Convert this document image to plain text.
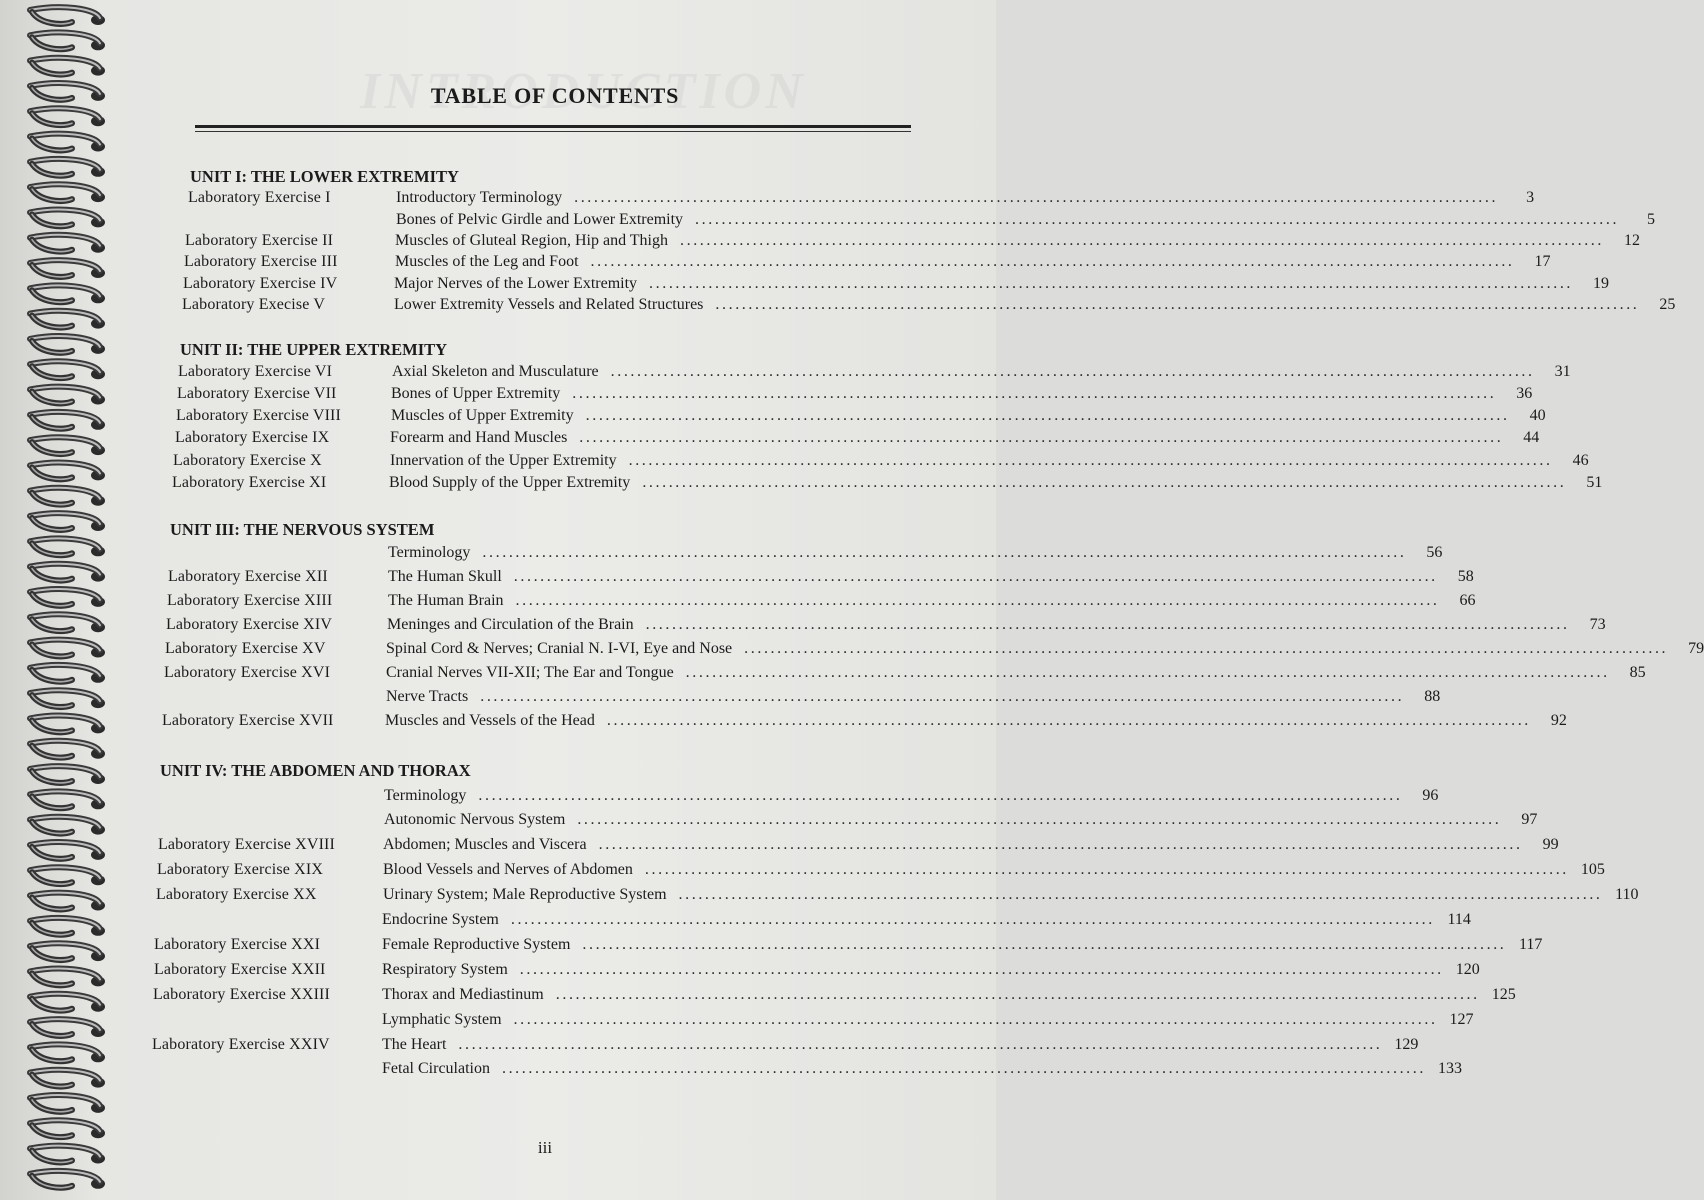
TABLE OF CONTENTS
UNIT I: THE LOWER EXTREMITY
Laboratory Exercise I	Introductory Terminology ............................................................................................................................................	3
Bones of Pelvic Girdle and Lower Extremity ............................................................................................................................................	5
Laboratory Exercise II	Muscles of Gluteal Region, Hip and Thigh ............................................................................................................................................	12
Laboratory Exercise III	Muscles of the Leg and Foot ............................................................................................................................................	17
Laboratory Exercise IV	Major Nerves of the Lower Extremity ............................................................................................................................................	19
Laboratory Execise V	Lower Extremity Vessels and Related Structures ............................................................................................................................................	25
UNIT II: THE UPPER EXTREMITY
Laboratory Exercise VI	Axial Skeleton and Musculature ............................................................................................................................................	31
Laboratory Exercise VII	Bones of Upper Extremity ............................................................................................................................................	36
Laboratory Exercise VIII	Muscles of Upper Extremity ............................................................................................................................................	40
Laboratory Exercise IX	Forearm and Hand Muscles ............................................................................................................................................	44
Laboratory Exercise X	Innervation of the Upper Extremity ............................................................................................................................................	46
Laboratory Exercise XI	Blood Supply of the Upper Extremity ............................................................................................................................................	51
UNIT III: THE NERVOUS SYSTEM
Terminology ............................................................................................................................................	56
Laboratory Exercise XII	The Human Skull ............................................................................................................................................	58
Laboratory Exercise XIII	The Human Brain ............................................................................................................................................	66
Laboratory Exercise XIV	Meninges and Circulation of the Brain ............................................................................................................................................	73
Laboratory Exercise XV	Spinal Cord & Nerves; Cranial N. I-VI, Eye and Nose ............................................................................................................................................	79
Laboratory Exercise XVI	Cranial Nerves VII-XII; The Ear and Tongue ............................................................................................................................................	85
Nerve Tracts ............................................................................................................................................	88
Laboratory Exercise XVII	Muscles and Vessels of the Head ............................................................................................................................................	92
UNIT IV: THE ABDOMEN AND THORAX
Terminology ............................................................................................................................................	96
Autonomic Nervous System ............................................................................................................................................	97
Laboratory Exercise XVIII	Abdomen; Muscles and Viscera ............................................................................................................................................	99
Laboratory Exercise XIX	Blood Vessels and Nerves of Abdomen ............................................................................................................................................ 105
Laboratory Exercise XX	Urinary System; Male Reproductive System ............................................................................................................................................ 110
Endocrine System ............................................................................................................................................ 114
Laboratory Exercise XXI	Female Reproductive System ............................................................................................................................................ 117
Laboratory Exercise XXII	Respiratory System ............................................................................................................................................ 120
Laboratory Exercise XXIII	Thorax and Mediastinum ............................................................................................................................................ 125
Lymphatic System ............................................................................................................................................ 127
Laboratory Exercise XXIV	The Heart ............................................................................................................................................ 129
Fetal Circulation ............................................................................................................................................ 133
iii
